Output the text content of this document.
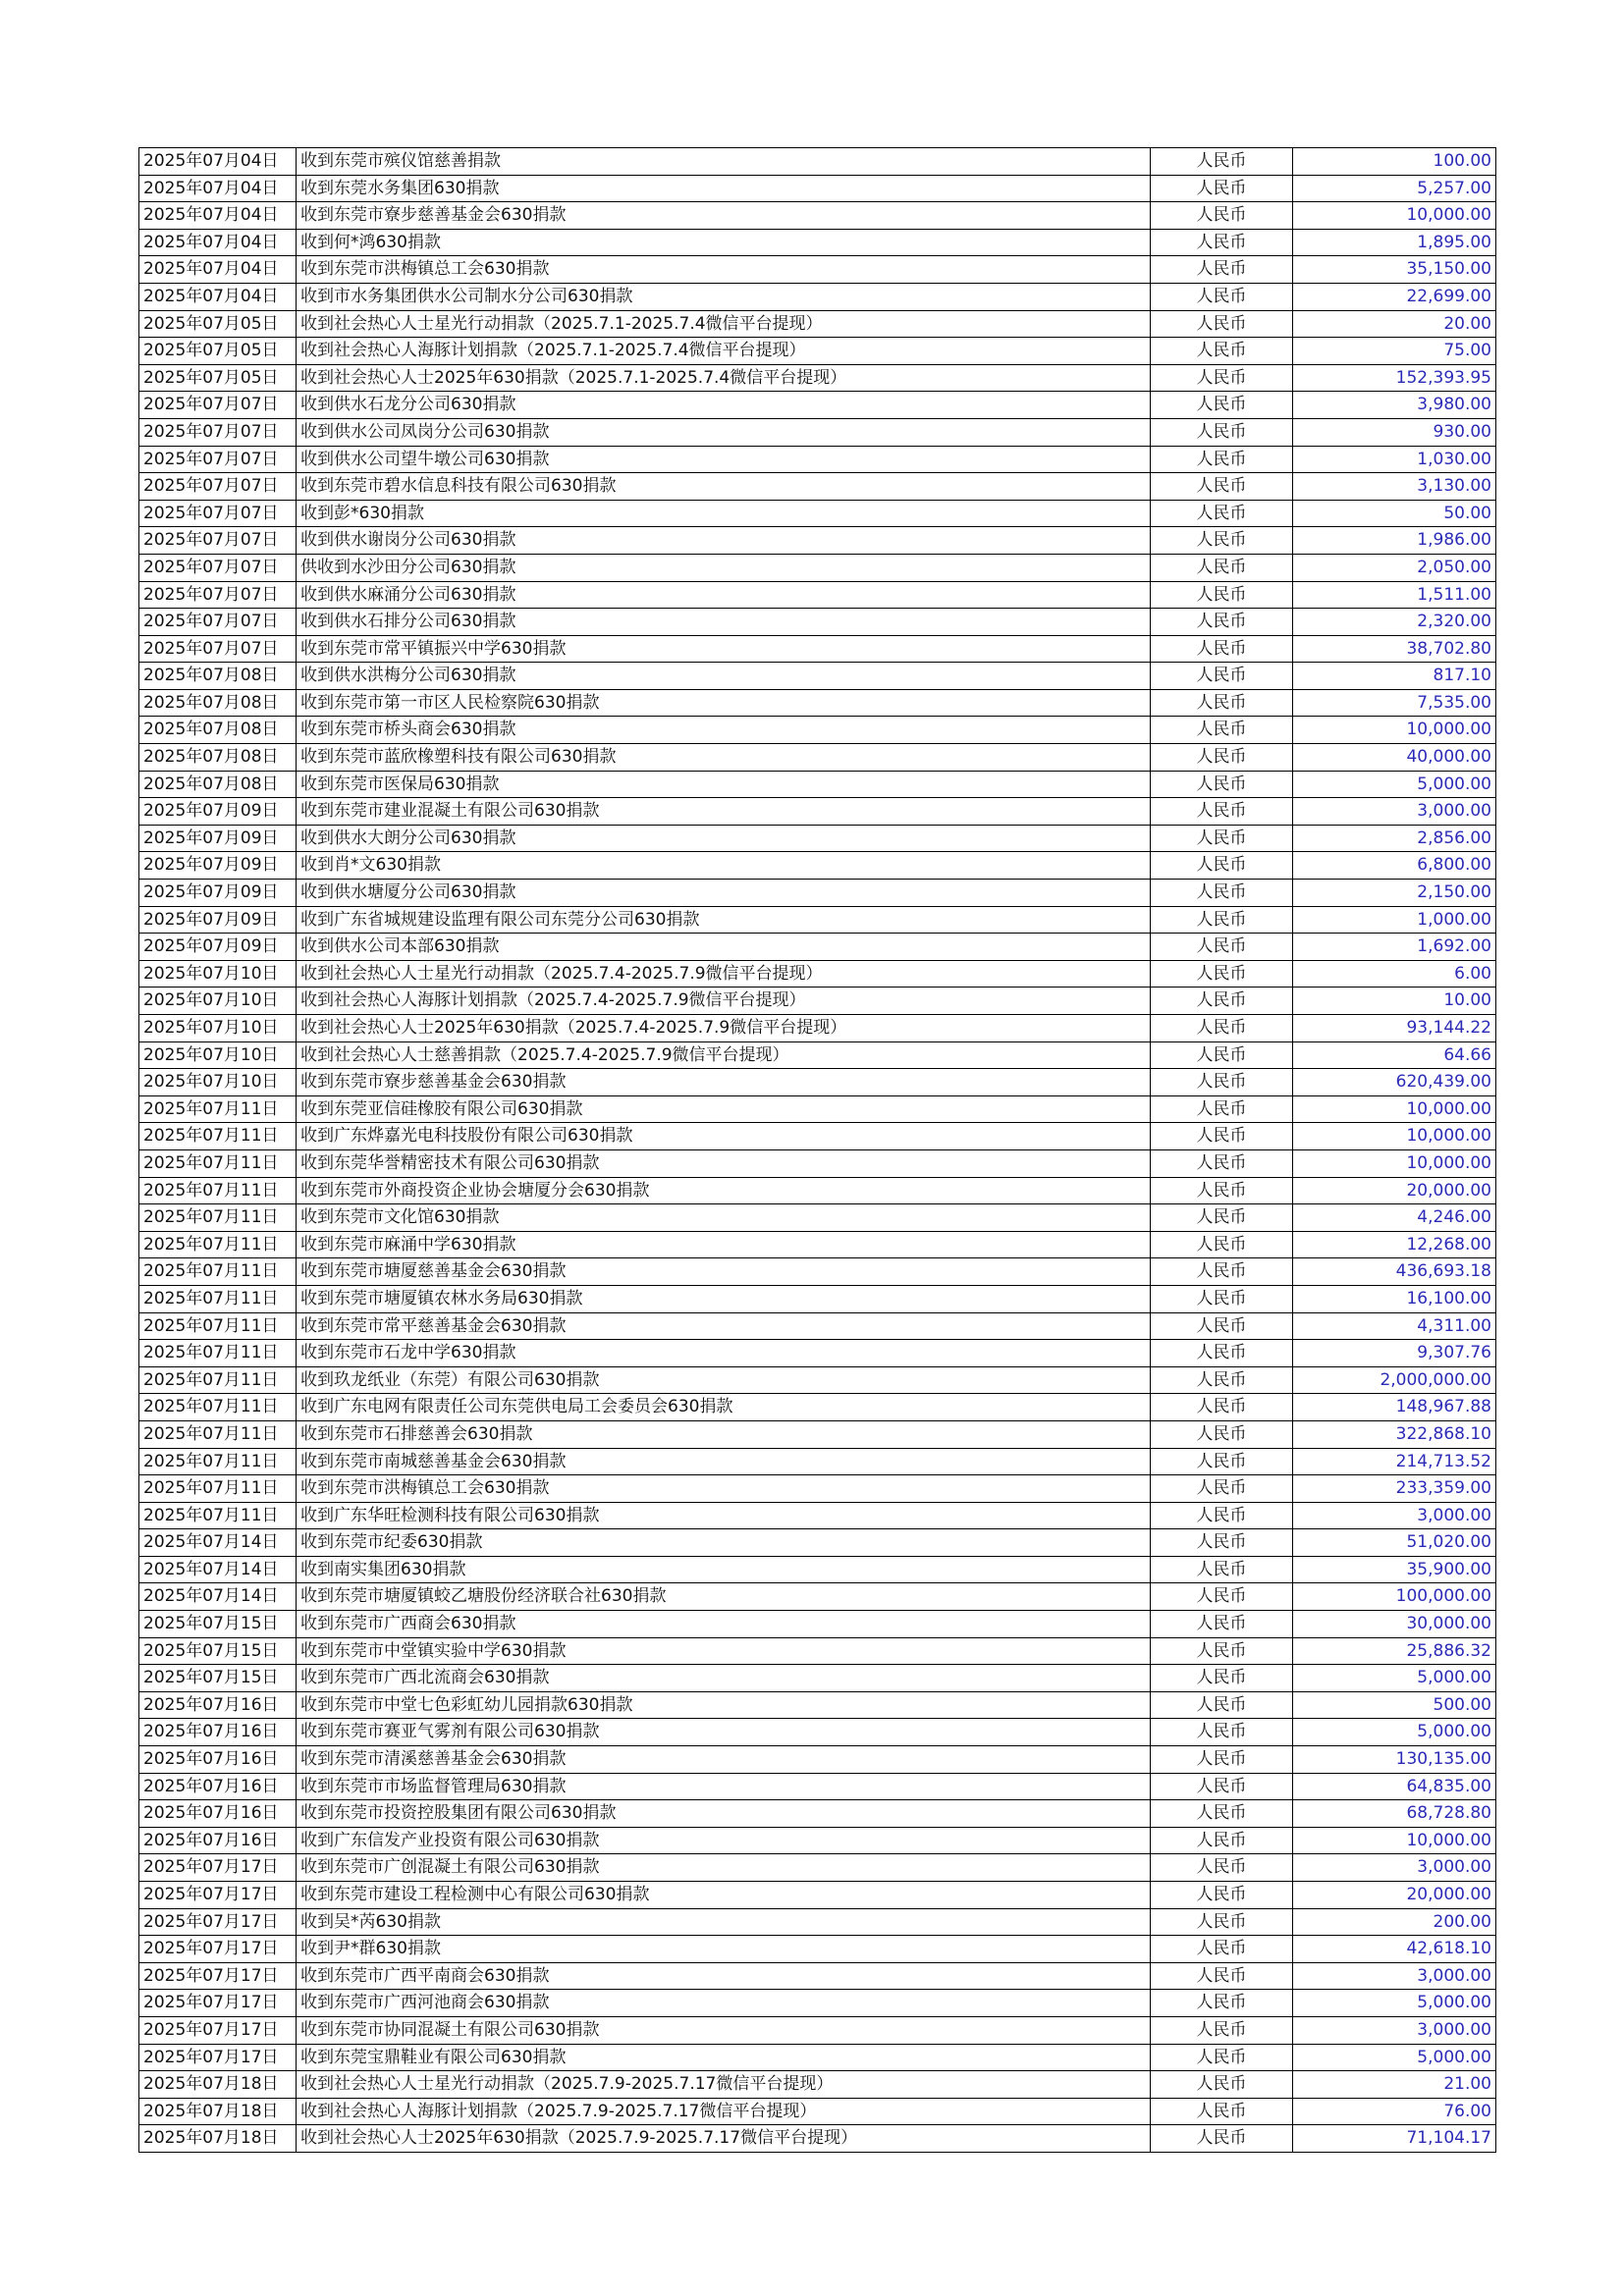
2025年07月04日	收到东莞市殡仪馆慈善捐款	人民币	100.00
2025年07月04日	收到东莞水务集团630捐款	人民币	5,257.00
2025年07月04日	收到东莞市寮步慈善基金会630捐款	人民币	10,000.00
2025年07月04日	收到何*鸿630捐款	人民币	1,895.00
2025年07月04日	收到东莞市洪梅镇总工会630捐款	人民币	35,150.00
2025年07月04日	收到市水务集团供水公司制水分公司630捐款	人民币	22,699.00
2025年07月05日	收到社会热心人士星光行动捐款（2025.7.1-2025.7.4微信平台提现）	人民币	20.00
2025年07月05日	收到社会热心人海豚计划捐款（2025.7.1-2025.7.4微信平台提现）	人民币	75.00
2025年07月05日	收到社会热心人士2025年630捐款（2025.7.1-2025.7.4微信平台提现）	人民币	152,393.95
2025年07月07日	收到供水石龙分公司630捐款	人民币	3,980.00
2025年07月07日	收到供水公司凤岗分公司630捐款	人民币	930.00
2025年07月07日	收到供水公司望牛墩公司630捐款	人民币	1,030.00
2025年07月07日	收到东莞市碧水信息科技有限公司630捐款	人民币	3,130.00
2025年07月07日	收到彭*630捐款	人民币	50.00
2025年07月07日	收到供水谢岗分公司630捐款	人民币	1,986.00
2025年07月07日	供收到水沙田分公司630捐款	人民币	2,050.00
2025年07月07日	收到供水麻涌分公司630捐款	人民币	1,511.00
2025年07月07日	收到供水石排分公司630捐款	人民币	2,320.00
2025年07月07日	收到东莞市常平镇振兴中学630捐款	人民币	38,702.80
2025年07月08日	收到供水洪梅分公司630捐款	人民币	817.10
2025年07月08日	收到东莞市第一市区人民检察院630捐款	人民币	7,535.00
2025年07月08日	收到东莞市桥头商会630捐款	人民币	10,000.00
2025年07月08日	收到东莞市蓝欣橡塑科技有限公司630捐款	人民币	40,000.00
2025年07月08日	收到东莞市医保局630捐款	人民币	5,000.00
2025年07月09日	收到东莞市建业混凝土有限公司630捐款	人民币	3,000.00
2025年07月09日	收到供水大朗分公司630捐款	人民币	2,856.00
2025年07月09日	收到肖*文630捐款	人民币	6,800.00
2025年07月09日	收到供水塘厦分公司630捐款	人民币	2,150.00
2025年07月09日	收到广东省城规建设监理有限公司东莞分公司630捐款	人民币	1,000.00
2025年07月09日	收到供水公司本部630捐款	人民币	1,692.00
2025年07月10日	收到社会热心人士星光行动捐款（2025.7.4-2025.7.9微信平台提现）	人民币	6.00
2025年07月10日	收到社会热心人海豚计划捐款（2025.7.4-2025.7.9微信平台提现）	人民币	10.00
2025年07月10日	收到社会热心人士2025年630捐款（2025.7.4-2025.7.9微信平台提现）	人民币	93,144.22
2025年07月10日	收到社会热心人士慈善捐款（2025.7.4-2025.7.9微信平台提现）	人民币	64.66
2025年07月10日	收到东莞市寮步慈善基金会630捐款	人民币	620,439.00
2025年07月11日	收到东莞亚信硅橡胶有限公司630捐款	人民币	10,000.00
2025年07月11日	收到广东烨嘉光电科技股份有限公司630捐款	人民币	10,000.00
2025年07月11日	收到东莞华誉精密技术有限公司630捐款	人民币	10,000.00
2025年07月11日	收到东莞市外商投资企业协会塘厦分会630捐款	人民币	20,000.00
2025年07月11日	收到东莞市文化馆630捐款	人民币	4,246.00
2025年07月11日	收到东莞市麻涌中学630捐款	人民币	12,268.00
2025年07月11日	收到东莞市塘厦慈善基金会630捐款	人民币	436,693.18
2025年07月11日	收到东莞市塘厦镇农林水务局630捐款	人民币	16,100.00
2025年07月11日	收到东莞市常平慈善基金会630捐款	人民币	4,311.00
2025年07月11日	收到东莞市石龙中学630捐款	人民币	9,307.76
2025年07月11日	收到玖龙纸业（东莞）有限公司630捐款	人民币	2,000,000.00
2025年07月11日	收到广东电网有限责任公司东莞供电局工会委员会630捐款	人民币	148,967.88
2025年07月11日	收到东莞市石排慈善会630捐款	人民币	322,868.10
2025年07月11日	收到东莞市南城慈善基金会630捐款	人民币	214,713.52
2025年07月11日	收到东莞市洪梅镇总工会630捐款	人民币	233,359.00
2025年07月11日	收到广东华旺检测科技有限公司630捐款	人民币	3,000.00
2025年07月14日	收到东莞市纪委630捐款	人民币	51,020.00
2025年07月14日	收到南实集团630捐款	人民币	35,900.00
2025年07月14日	收到东莞市塘厦镇蛟乙塘股份经济联合社630捐款	人民币	100,000.00
2025年07月15日	收到东莞市广西商会630捐款	人民币	30,000.00
2025年07月15日	收到东莞市中堂镇实验中学630捐款	人民币	25,886.32
2025年07月15日	收到东莞市广西北流商会630捐款	人民币	5,000.00
2025年07月16日	收到东莞市中堂七色彩虹幼儿园捐款630捐款	人民币	500.00
2025年07月16日	收到东莞市赛亚气雾剂有限公司630捐款	人民币	5,000.00
2025年07月16日	收到东莞市清溪慈善基金会630捐款	人民币	130,135.00
2025年07月16日	收到东莞市市场监督管理局630捐款	人民币	64,835.00
2025年07月16日	收到东莞市投资控股集团有限公司630捐款	人民币	68,728.80
2025年07月16日	收到广东信发产业投资有限公司630捐款	人民币	10,000.00
2025年07月17日	收到东莞市广创混凝土有限公司630捐款	人民币	3,000.00
2025年07月17日	收到东莞市建设工程检测中心有限公司630捐款	人民币	20,000.00
2025年07月17日	收到吴*芮630捐款	人民币	200.00
2025年07月17日	收到尹*群630捐款	人民币	42,618.10
2025年07月17日	收到东莞市广西平南商会630捐款	人民币	3,000.00
2025年07月17日	收到东莞市广西河池商会630捐款	人民币	5,000.00
2025年07月17日	收到东莞市协同混凝土有限公司630捐款	人民币	3,000.00
2025年07月17日	收到东莞宝鼎鞋业有限公司630捐款	人民币	5,000.00
2025年07月18日	收到社会热心人士星光行动捐款（2025.7.9-2025.7.17微信平台提现）	人民币	21.00
2025年07月18日	收到社会热心人海豚计划捐款（2025.7.9-2025.7.17微信平台提现）	人民币	76.00
2025年07月18日	收到社会热心人士2025年630捐款（2025.7.9-2025.7.17微信平台提现）	人民币	71,104.17
